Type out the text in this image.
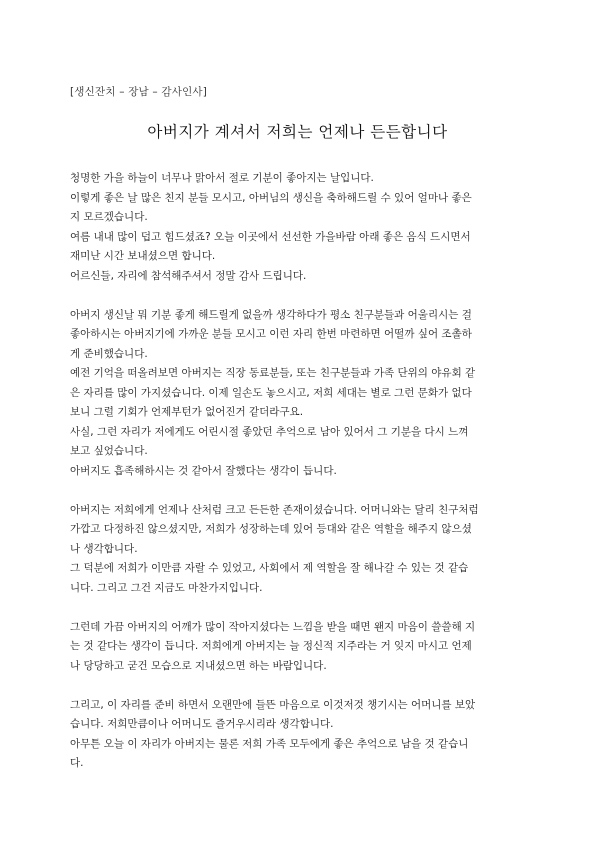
[생신잔치 – 장남 – 감사인사]
아버지가 계셔서 저희는 언제나 든든합니다
청명한 가을 하늘이 너무나 맑아서 절로 기분이 좋아지는 날입니다.
이렇게 좋은 날 많은 친지 분들 모시고, 아버님의 생신을 축하해드릴 수 있어 얼마나 좋은
지 모르겠습니다.
여름 내내 많이 덥고 힘드셨죠? 오늘 이곳에서 선선한 가을바람 아래 좋은 음식 드시면서
재미난 시간 보내셨으면 합니다.
어르신들, 자리에 참석해주셔서 정말 감사 드립니다.
아버지 생신날 뭐 기분 좋게 해드릴게 없을까 생각하다가 평소 친구분들과 어울리시는 걸
좋아하시는 아버지기에 가까운 분들 모시고 이런 자리 한번 마련하면 어떨까 싶어 조촐하
게 준비했습니다.
예전 기억을 떠올려보면 아버지는 직장 동료분들, 또는 친구분들과 가족 단위의 야유회 같
은 자리를 많이 가지셨습니다. 이제 일손도 놓으시고, 저희 세대는 별로 그런 문화가 없다
보니 그럴 기회가 언제부턴가 없어진거 같더라구요.
사실, 그런 자리가 저에게도 어린시절 좋았던 추억으로 남아 있어서 그 기분을 다시 느껴
보고 싶었습니다.
아버지도 흡족해하시는 것 같아서 잘했다는 생각이 듭니다.
아버지는 저희에게 언제나 산처럼 크고 든든한 존재이셨습니다. 어머니와는 달리 친구처럼
가깝고 다정하진 않으셨지만, 저희가 성장하는데 있어 등대와 같은 역할을 해주지 않으셨
나 생각합니다.
그 덕분에 저희가 이만큼 자랄 수 있었고, 사회에서 제 역할을 잘 해나갈 수 있는 것 같습
니다. 그리고 그건 지금도 마찬가지입니다.
그런데 가끔 아버지의 어깨가 많이 작아지셨다는 느낌을 받을 때면 왠지 마음이 쓸쓸해 지
는 것 같다는 생각이 듭니다. 저희에게 아버지는 늘 정신적 지주라는 거 잊지 마시고 언제
나 당당하고 굳건 모습으로 지내셨으면 하는 바람입니다.
그리고, 이 자리를 준비 하면서 오랜만에 들뜬 마음으로 이것저것 챙기시는 어머니를 보았
습니다. 저희만큼이나 어머니도 즐거우시리라 생각합니다.
아무튼 오늘 이 자리가 아버지는 물론 저희 가족 모두에게 좋은 추억으로 남을 것 같습니
다.
